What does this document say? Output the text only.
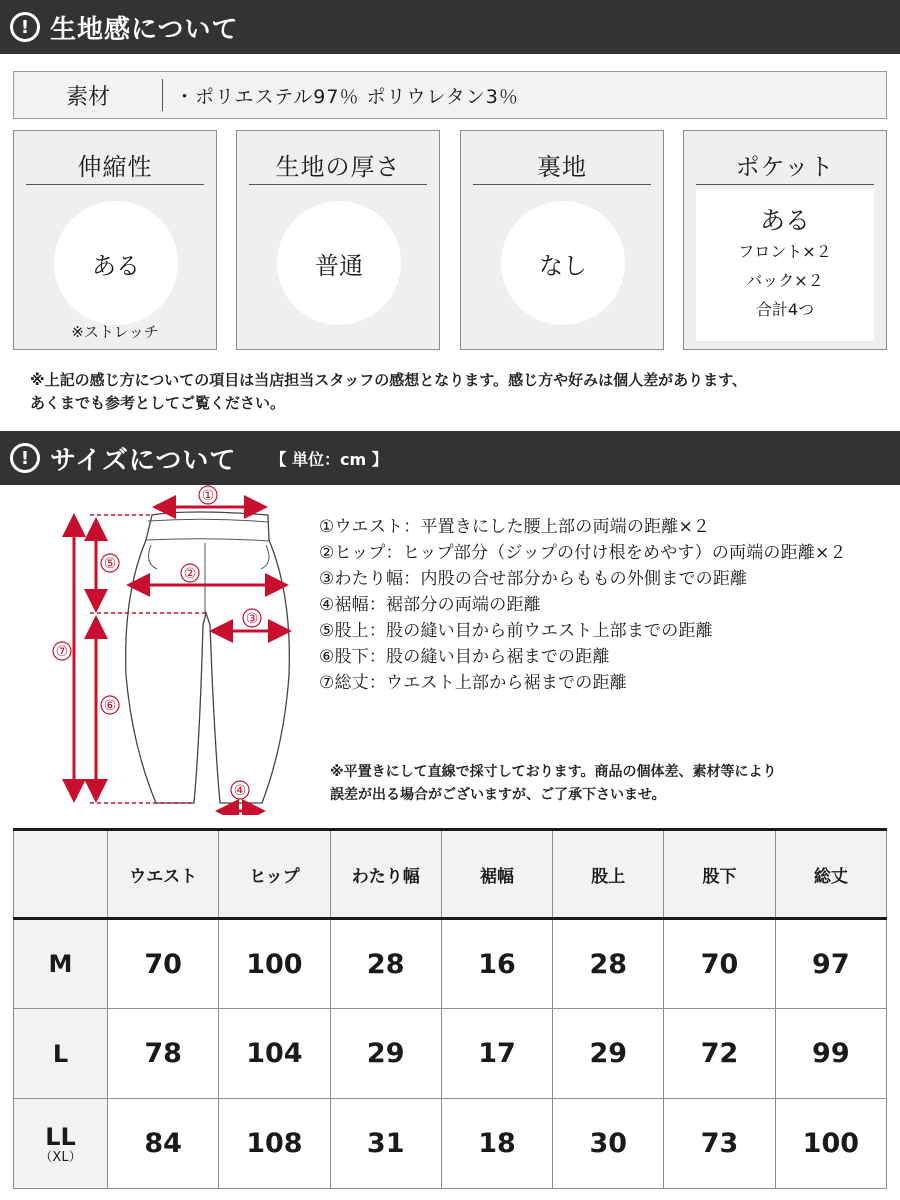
! 生地感について
素材	・ポリエステル97％ ポリウレタン3％
伸縮性
ある
※ストレッチ
生地の厚さ
普通
裏地
なし
ポケット
ある
フロント×２
バック×２
合計4つ
※上記の感じ方についての項目は当店担当スタッフの感想となります。感じ方や好みは個人差があります、
あくまでも参考としてご覧ください。
! サイズについて 【 単位：cm 】
①
②
③
④
⑤
⑥
⑦
①ウエスト：平置きにした腰上部の両端の距離×２
②ヒップ：ヒップ部分（ジップの付け根をめやす）の両端の距離×２
③わたり幅：内股の合せ部分からももの外側までの距離
④裾幅：裾部分の両端の距離
⑤股上：股の縫い目から前ウエスト上部までの距離
⑥股下：股の縫い目から裾までの距離
⑦総丈：ウエスト上部から裾までの距離
※平置きにして直線で採寸しております。商品の個体差、素材等により
誤差が出る場合がございますが、ご了承下さいませ。
	ウエスト	ヒップ	わたり幅	裾幅	股上	股下	総丈
M	70	100	28	16	28	70	97
L	78	104	29	17	29	72	99
LL
（XL）	84	108	31	18	30	73	100
